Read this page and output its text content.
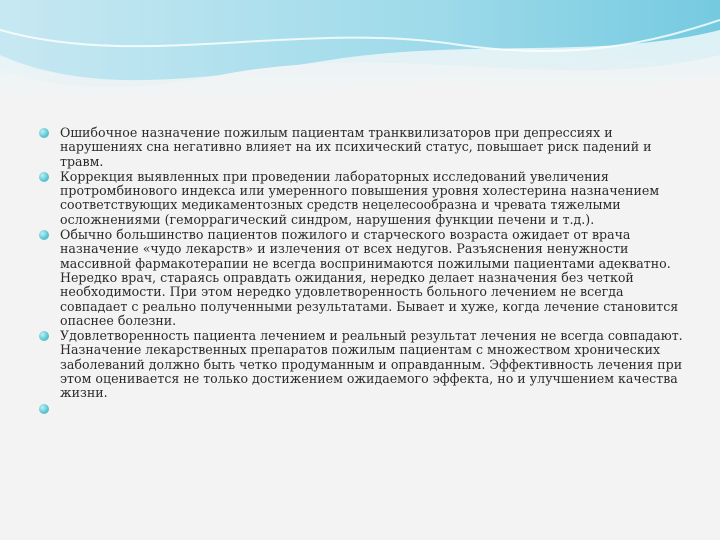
Ошибочное назначение пожилым пациентам транквилизаторов при депрессиях и нарушениях сна негативно влияет на их психический статус, повышает риск падений и травм.
Коррекция выявленных при проведении лабораторных исследований увеличения протромбинового индекса или умеренного повышения уровня холестерина назначением соответствующих медикаментозных средств нецелесообразна и чревата тяжелыми осложнениями (геморрагический синдром, нарушения функции печени и т.д.).
Обычно большинство пациентов пожилого и старческого возраста ожидает от врача назначение «чудо лекарств» и излечения от всех недугов. Разъяснения ненужности массивной фармакотерапии не всегда воспринимаются пожилыми пациентами адекватно. Нередко врач, стараясь оправдать ожидания, нередко делает назначения без четкой необходимости. При этом нередко удовлетворенность больного лечением не всегда совпадает с реально полученными результатами. Бывает и хуже, когда лечение становится опаснее болезни.
Удовлетворенность пациента лечением и реальный результат лечения не всегда совпадают. Назначение лекарственных препаратов пожилым пациентам с множеством хронических заболеваний должно быть четко продуманным и оправданным. Эффективность лечения при этом оценивается не только достижением ожидаемого эффекта, но и улучшением качества жизни.
